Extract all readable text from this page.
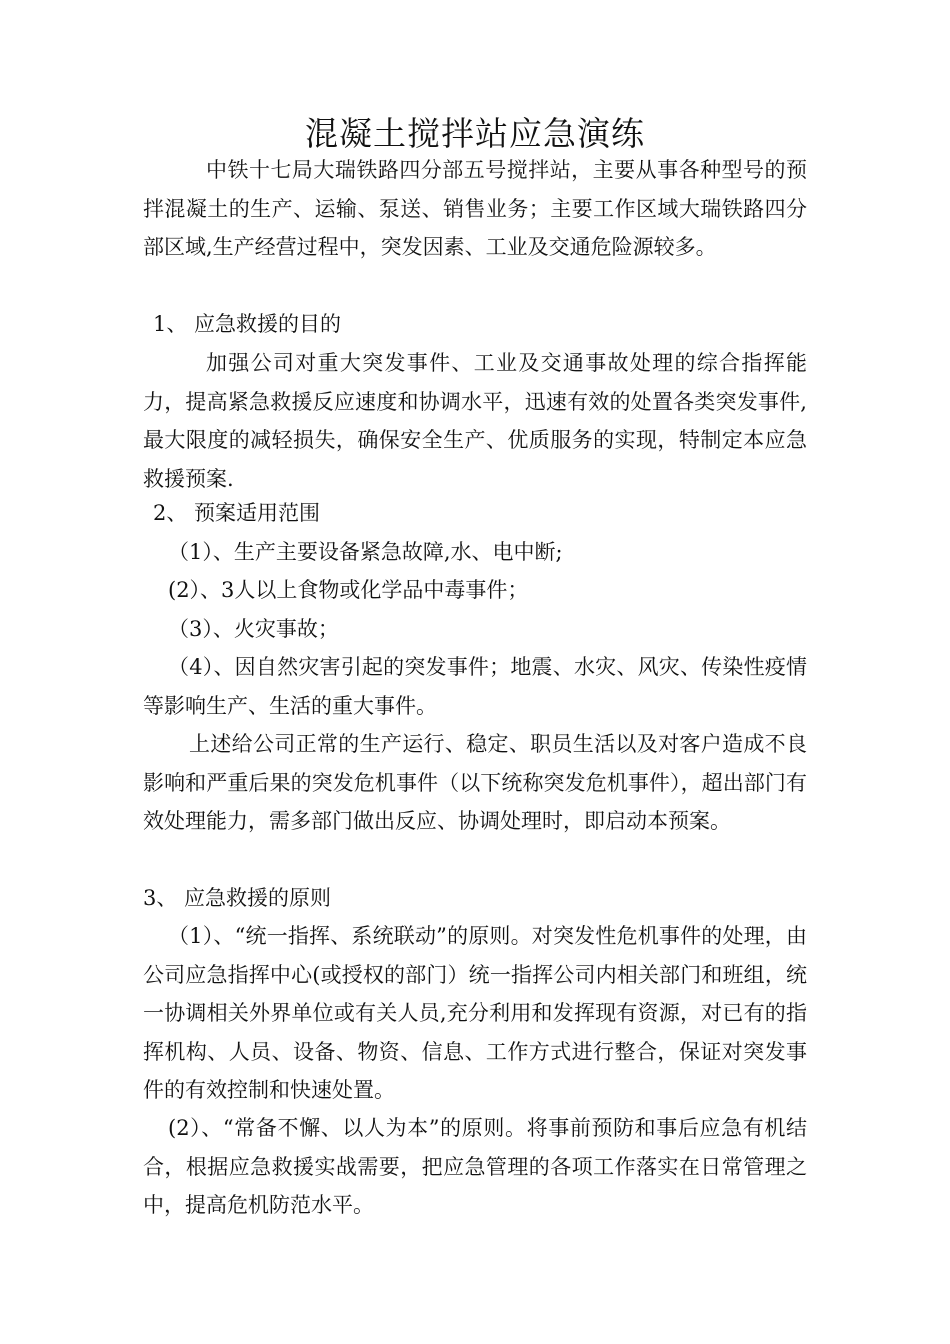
混凝土搅拌站应急演练
中铁十七局大瑞铁路四分部五号搅拌站，主要从事各种型号的预拌混凝土的生产、运输、泵送、销售业务；主要工作区域大瑞铁路四分部区域,生产经营过程中，突发因素、工业及交通危险源较多。
1、 应急救援的目的
加强公司对重大突发事件、工业及交通事故处理的综合指挥能力，提高紧急救援反应速度和协调水平，迅速有效的处置各类突发事件,最大限度的减轻损失，确保安全生产、优质服务的实现，特制定本应急救援预案.
2、 预案适用范围
（1）、生产主要设备紧急故障,水、电中断;
(2）、3人以上食物或化学品中毒事件；
（3）、火灾事故；
（4）、因自然灾害引起的突发事件；地震、水灾、风灾、传染性疫情等影响生产、生活的重大事件。
上述给公司正常的生产运行、稳定、职员生活以及对客户造成不良影响和严重后果的突发危机事件（以下统称突发危机事件），超出部门有效处理能力，需多部门做出反应、协调处理时，即启动本预案。
3、 应急救援的原则
（1）、“统一指挥、系统联动”的原则。对突发性危机事件的处理，由公司应急指挥中心(或授权的部门）统一指挥公司内相关部门和班组，统一协调相关外界单位或有关人员,充分利用和发挥现有资源，对已有的指挥机构、人员、设备、物资、信息、工作方式进行整合，保证对突发事件的有效控制和快速处置。
(2）、“常备不懈、以人为本”的原则。将事前预防和事后应急有机结合，根据应急救援实战需要，把应急管理的各项工作落实在日常管理之中，提高危机防范水平。
